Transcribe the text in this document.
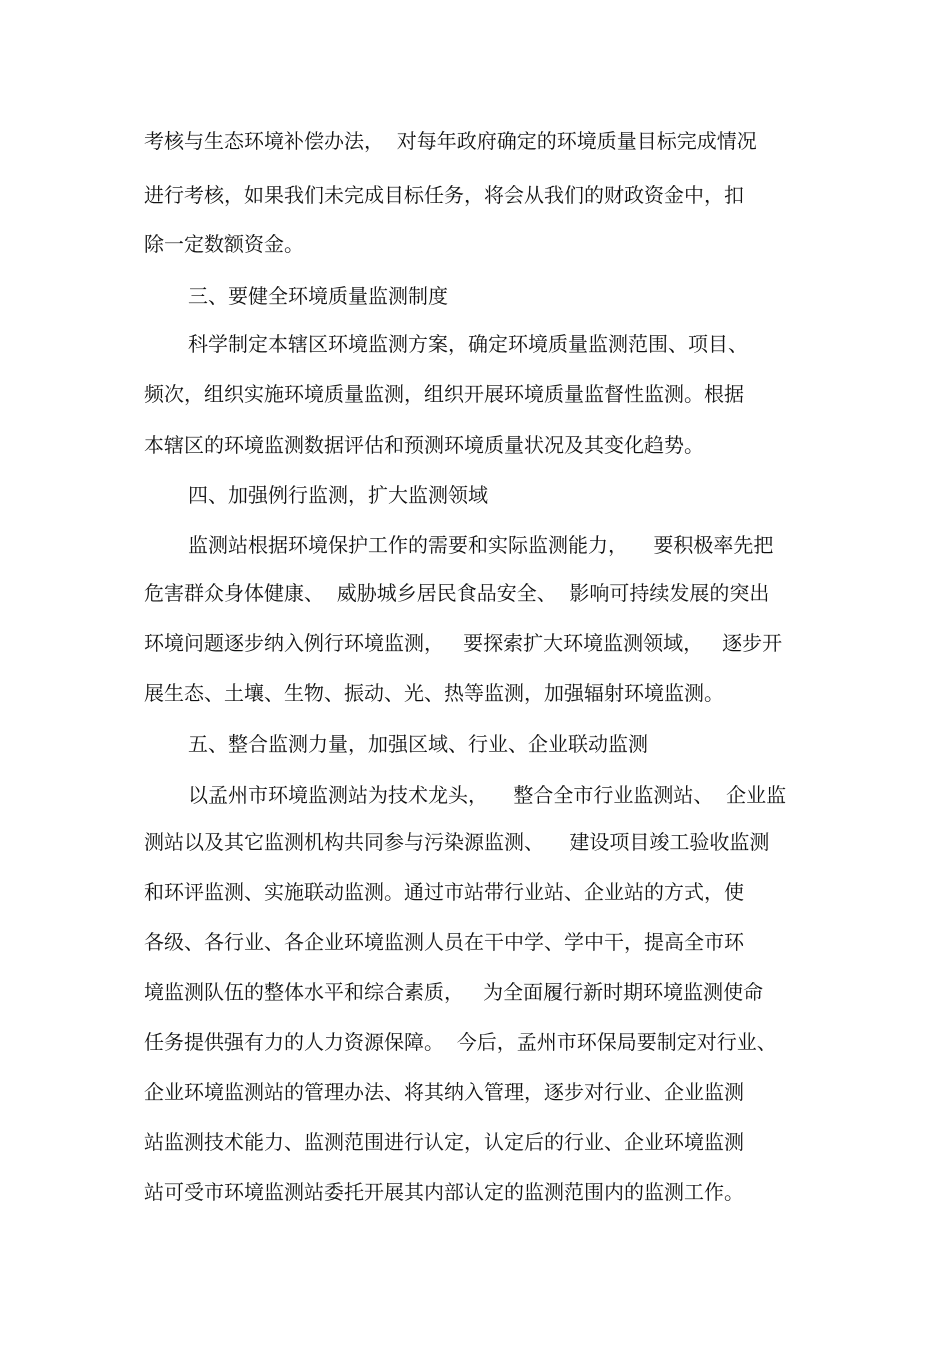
考核与生态环境补偿办法，  对每年政府确定的环境质量目标完成情况
进行考核，如果我们未完成目标任务，将会从我们的财政资金中，扣
除一定数额资金。
三、要健全环境质量监测制度
科学制定本辖区环境监测方案，确定环境质量监测范围、项目、
频次，组织实施环境质量监测，组织开展环境质量监督性监测。根据
本辖区的环境监测数据评估和预测环境质量状况及其变化趋势。
四、加强例行监测，扩大监测领域
监测站根据环境保护工作的需要和实际监测能力，    要积极率先把
危害群众身体健康、  威胁城乡居民食品安全、  影响可持续发展的突出
环境问题逐步纳入例行环境监测，   要探索扩大环境监测领域，   逐步开
展生态、土壤、生物、振动、光、热等监测，加强辐射环境监测。
五、整合监测力量，加强区域、行业、企业联动监测
以孟州市环境监测站为技术龙头，    整合全市行业监测站、  企业监
测站以及其它监测机构共同参与污染源监测、    建设项目竣工验收监测
和环评监测、实施联动监测。通过市站带行业站、企业站的方式，使
各级、各行业、各企业环境监测人员在干中学、学中干，提高全市环
境监测队伍的整体水平和综合素质，   为全面履行新时期环境监测使命
任务提供强有力的人力资源保障。  今后，孟州市环保局要制定对行业、
企业环境监测站的管理办法、将其纳入管理，逐步对行业、企业监测
站监测技术能力、监测范围进行认定，认定后的行业、企业环境监测
站可受市环境监测站委托开展其内部认定的监测范围内的监测工作。
